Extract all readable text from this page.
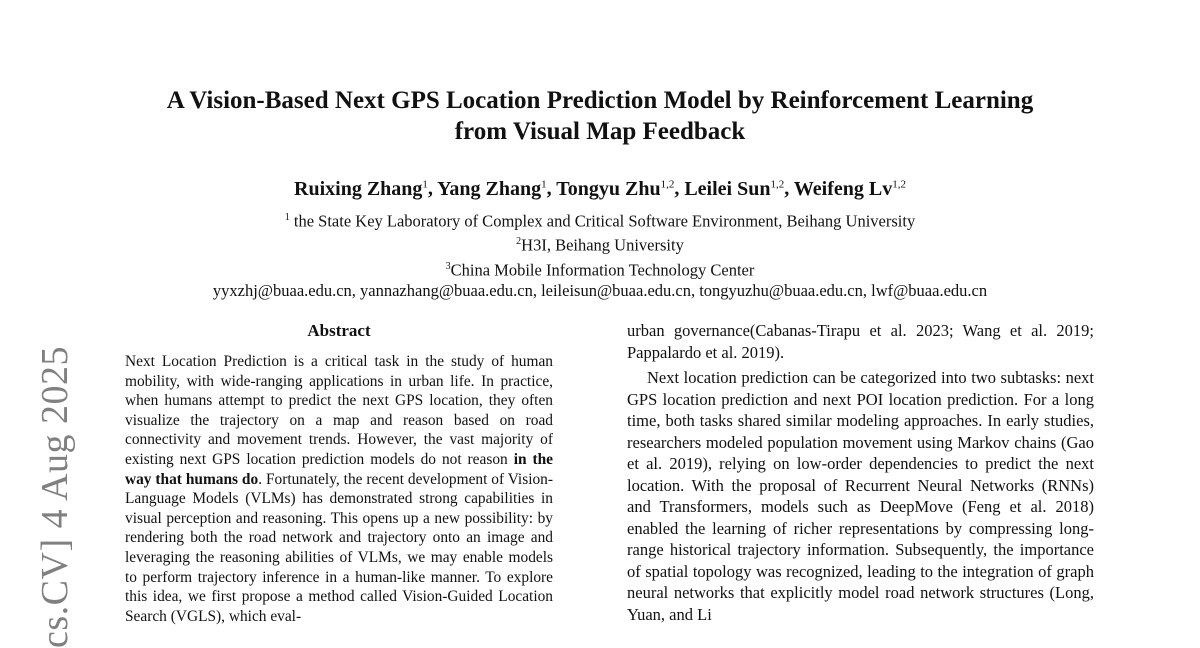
cs.CV] 4 Aug 2025
A Vision-Based Next GPS Location Prediction Model by Reinforcement Learning
from Visual Map Feedback
Ruixing Zhang$^1$, Yang Zhang$^1$, Tongyu Zhu$^{1,2}$, Leilei Sun$^{1,2}$, Weifeng Lv$^{1,2}$
$^1$ the State Key Laboratory of Complex and Critical Software Environment, Beihang University
$^2$H3I, Beihang University
$^3$China Mobile Information Technology Center
yyxzhj@buaa.edu.cn, yannazhang@buaa.edu.cn, leileisun@buaa.edu.cn, tongyuzhu@buaa.edu.cn, lwf@buaa.edu.cn
Abstract

Next Location Prediction is a critical task in the study of human mobility, with wide-ranging applications in urban life. In practice, when humans attempt to predict the next GPS location, they often visualize the trajectory on a map and reason based on road connectivity and movement trends. However, the vast majority of existing next GPS location prediction models do not reason in the way that humans do. Fortunately, the recent development of Vision-Language Models (VLMs) has demonstrated strong capabilities in visual perception and reasoning. This opens up a new possibility: by rendering both the road network and trajectory onto an image and leveraging the reasoning abilities of VLMs, we may enable models to perform trajectory inference in a human-like manner. To explore this idea, we first propose a method called Vision-Guided Location Search (VGLS), which eval-

urban governance(Cabanas-Tirapu et al. 2023; Wang et al. 2019; Pappalardo et al. 2019).

Next location prediction can be categorized into two subtasks: next GPS location prediction and next POI location prediction. For a long time, both tasks shared similar modeling approaches. In early studies, researchers modeled population movement using Markov chains (Gao et al. 2019), relying on low-order dependencies to predict the next location. With the proposal of Recurrent Neural Networks (RNNs) and Transformers, models such as DeepMove (Feng et al. 2018) enabled the learning of richer representations by compressing long-range historical trajectory information. Subsequently, the importance of spatial topology was recognized, leading to the integration of graph neural networks that explicitly model road network structures (Long, Yuan, and Li
